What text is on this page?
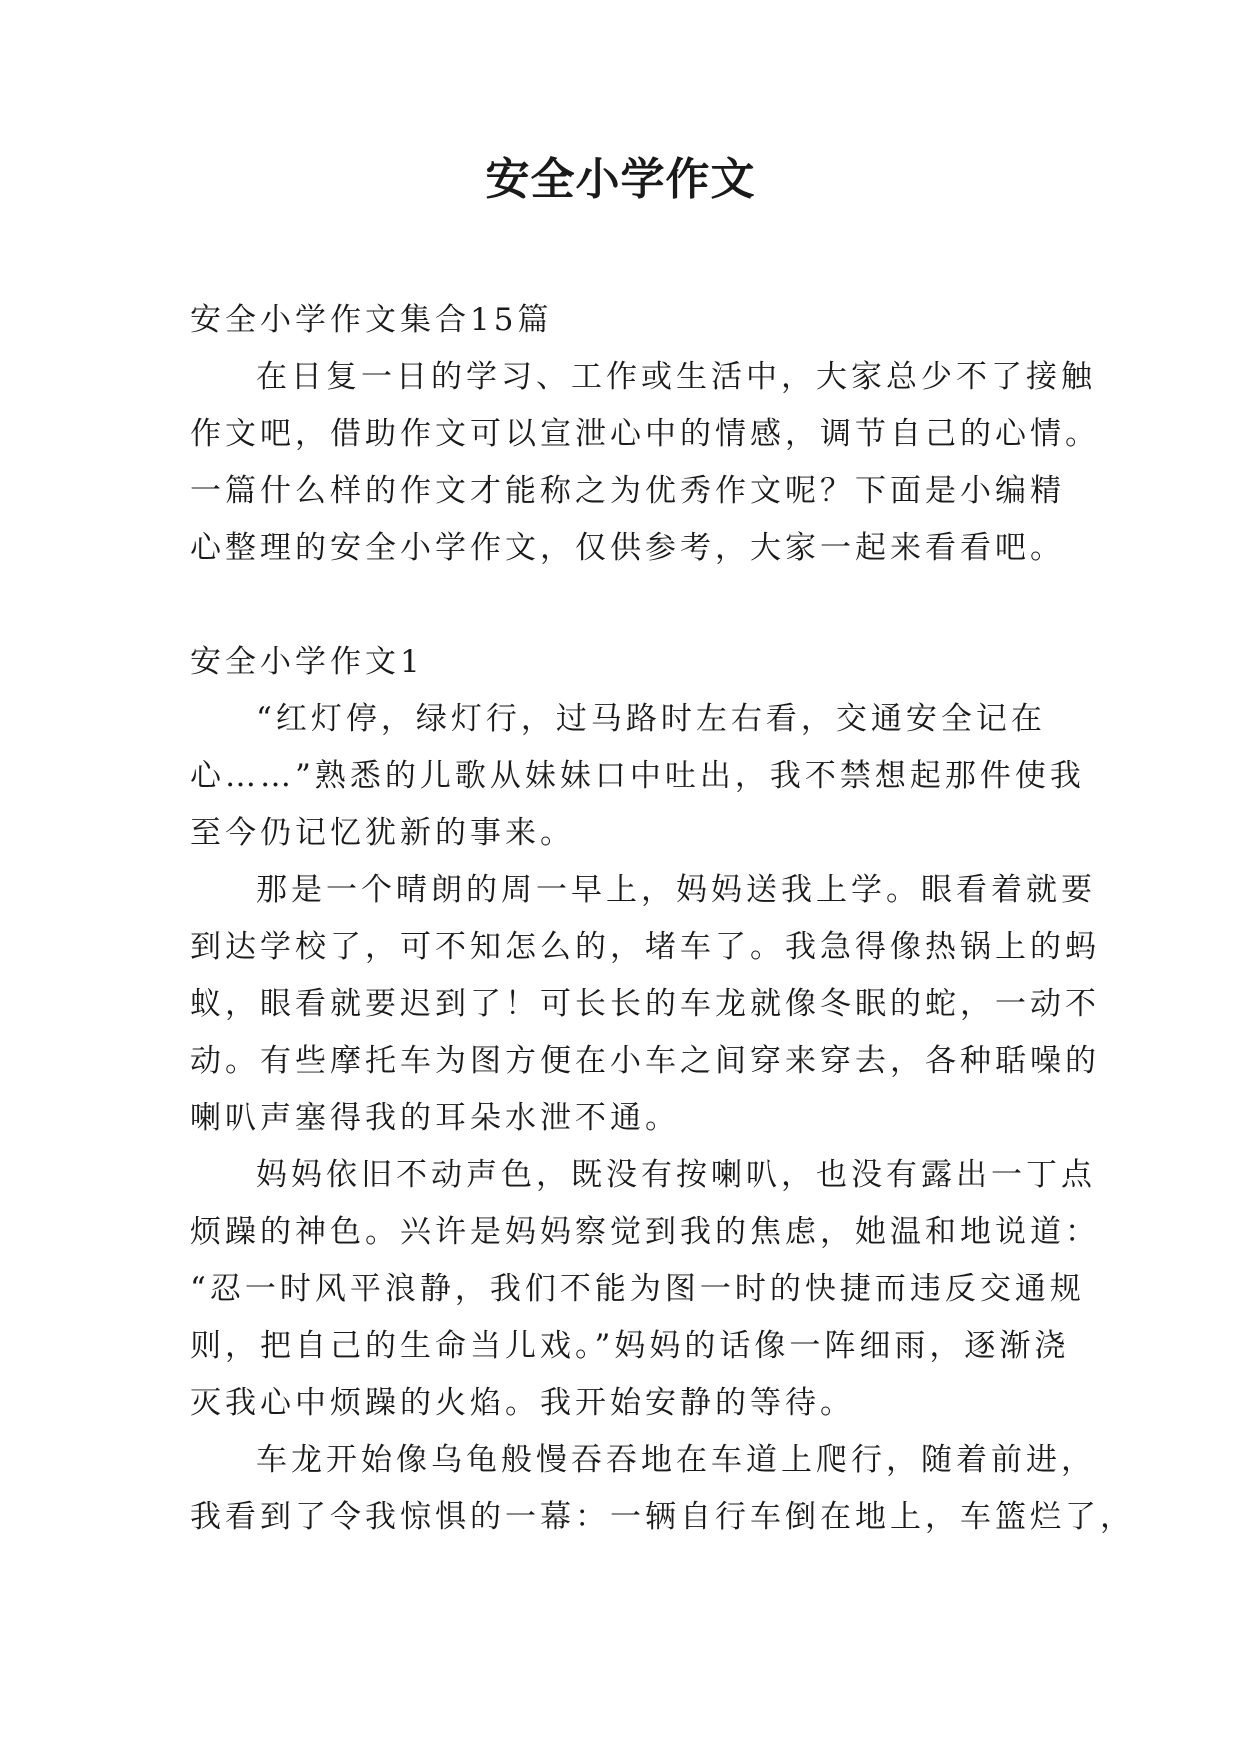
安全小学作文
安全小学作文集合15篇
在日复一日的学习、工作或生活中，大家总少不了接触
作文吧，借助作文可以宣泄心中的情感，调节自己的心情。
一篇什么样的作文才能称之为优秀作文呢？下面是小编精
心整理的安全小学作文，仅供参考，大家一起来看看吧。
安全小学作文1
“红灯停，绿灯行，过马路时左右看，交通安全记在
心……”熟悉的儿歌从妹妹口中吐出，我不禁想起那件使我
至今仍记忆犹新的事来。
那是一个晴朗的周一早上，妈妈送我上学。眼看着就要
到达学校了，可不知怎么的，堵车了。我急得像热锅上的蚂
蚁，眼看就要迟到了！可长长的车龙就像冬眠的蛇，一动不
动。有些摩托车为图方便在小车之间穿来穿去，各种聒噪的
喇叭声塞得我的耳朵水泄不通。
妈妈依旧不动声色，既没有按喇叭，也没有露出一丁点
烦躁的神色。兴许是妈妈察觉到我的焦虑，她温和地说道：
“忍一时风平浪静，我们不能为图一时的快捷而违反交通规
则，把自己的生命当儿戏。”妈妈的话像一阵细雨，逐渐浇
灭我心中烦躁的火焰。我开始安静的等待。
车龙开始像乌龟般慢吞吞地在车道上爬行，随着前进，
我看到了令我惊惧的一幕：一辆自行车倒在地上，车篮烂了，
